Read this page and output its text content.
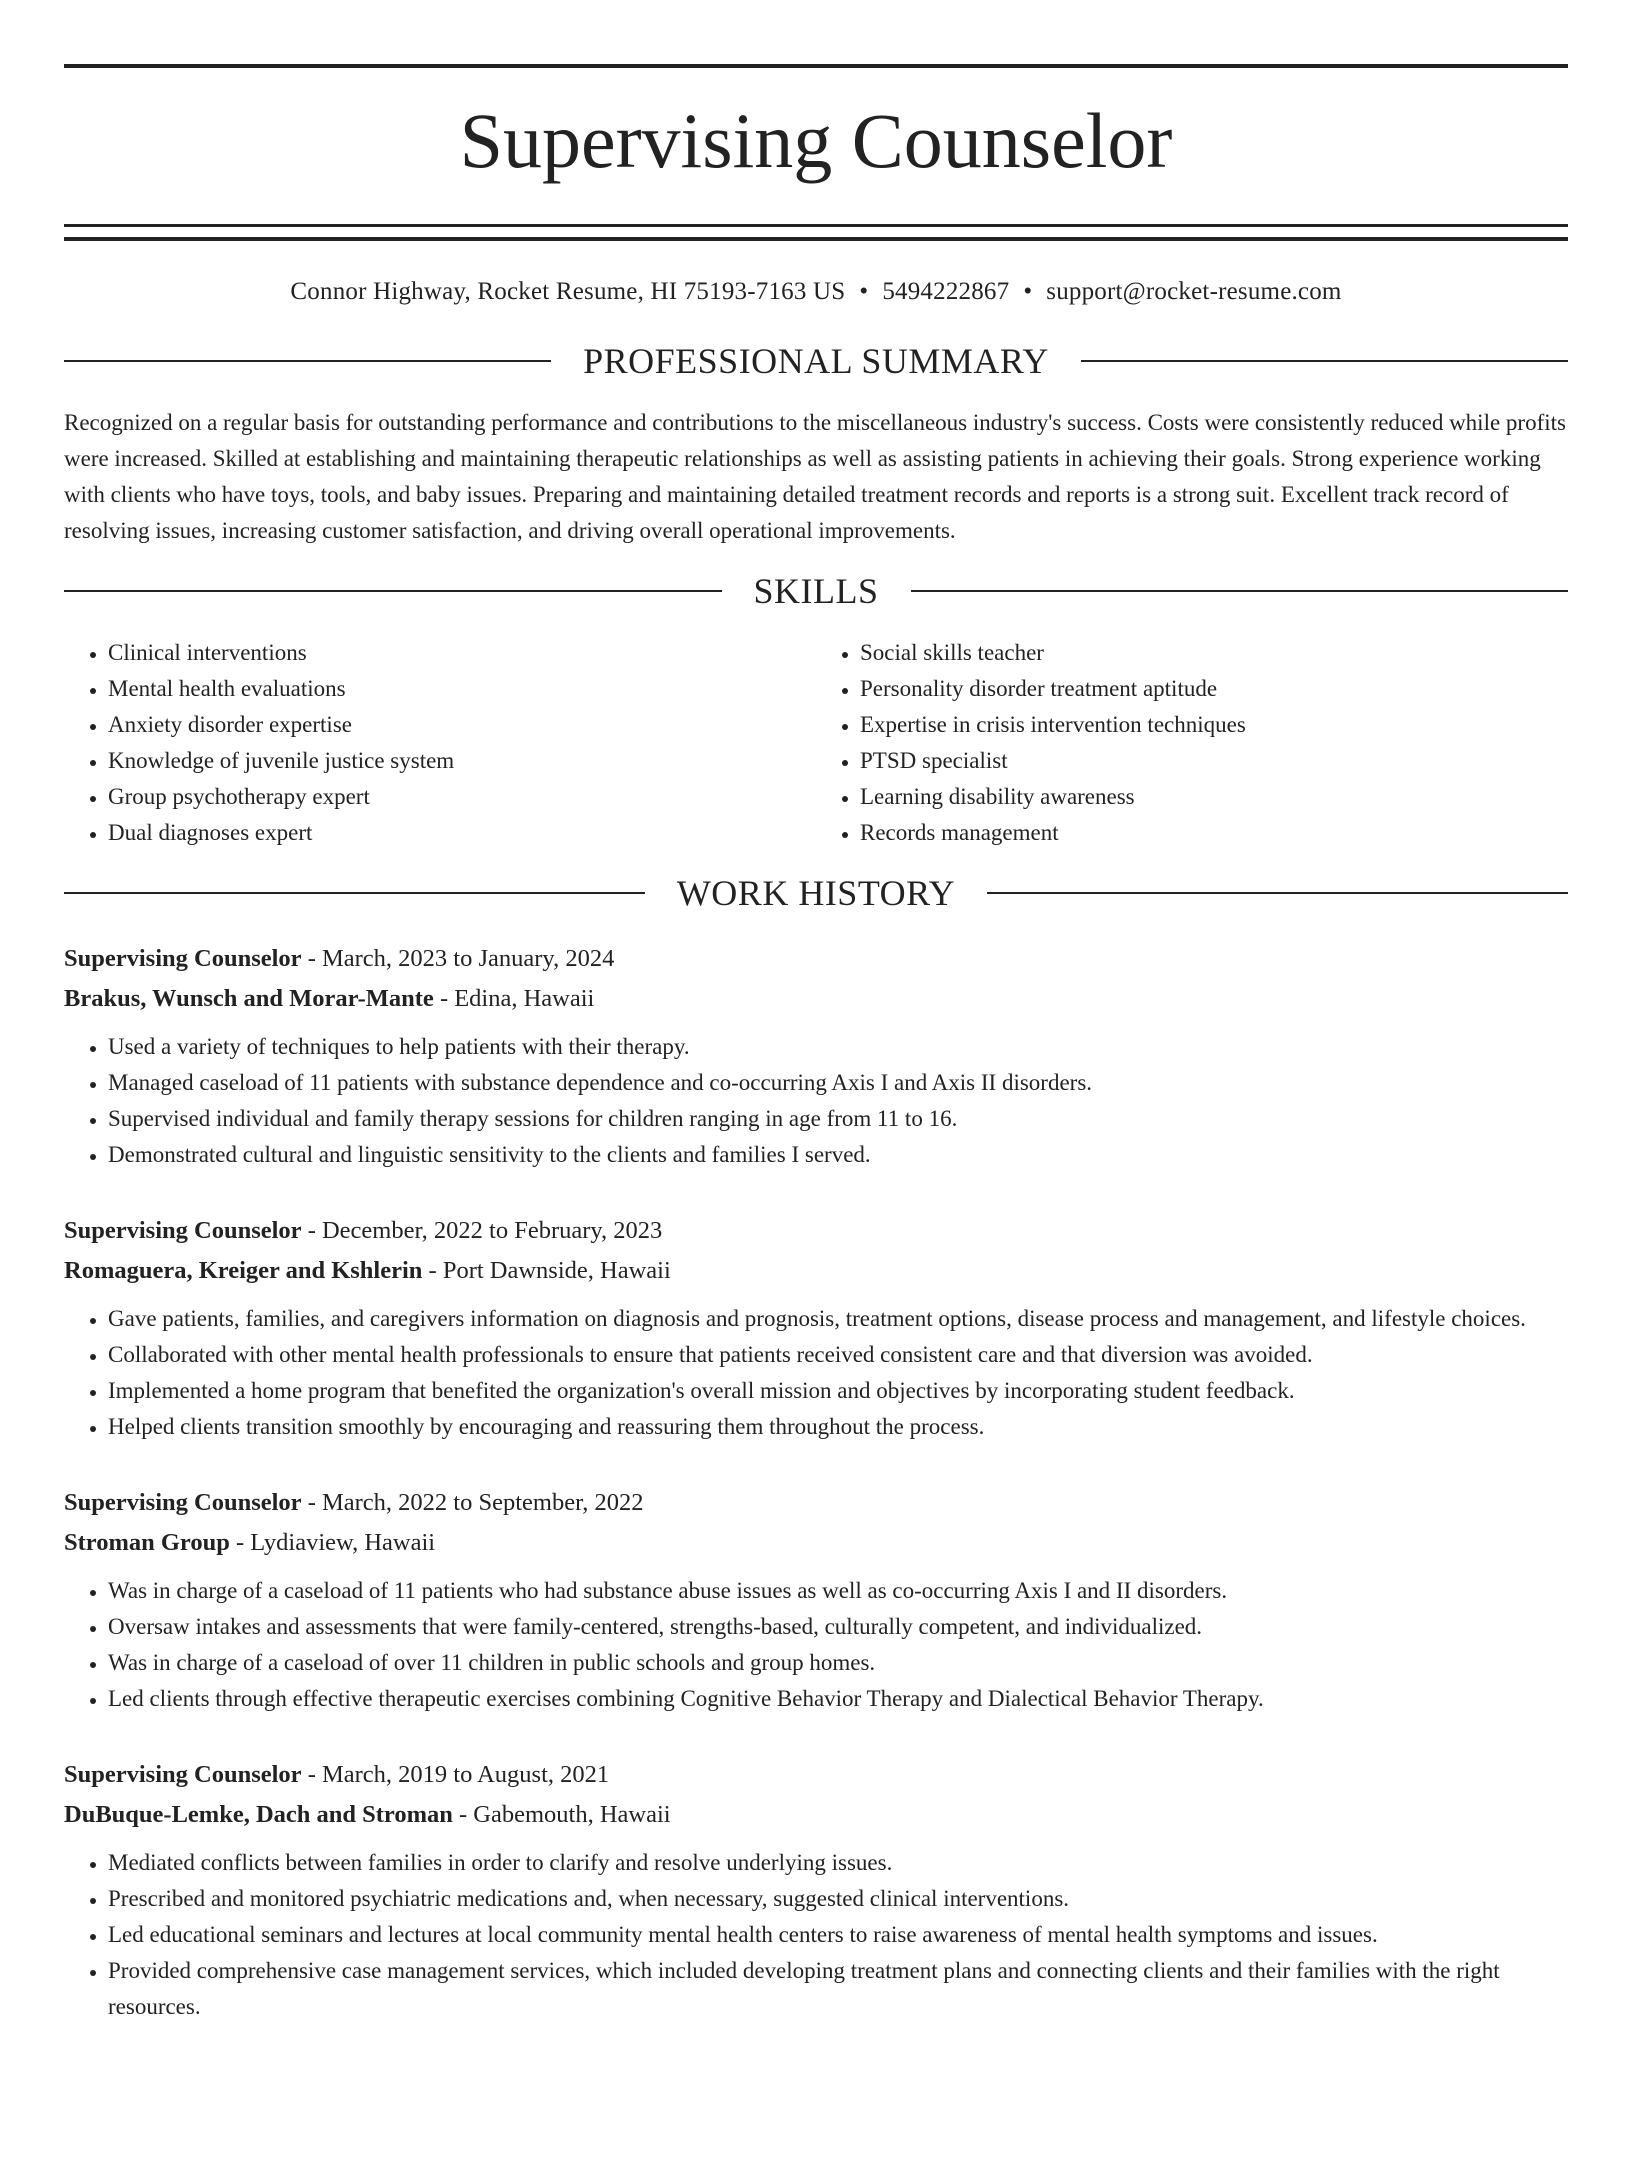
Supervising Counselor
Connor Highway, Rocket Resume, HI 75193-7163 US • 5494222867 • support@rocket-resume.com
PROFESSIONAL SUMMARY

Recognized on a regular basis for outstanding performance and contributions to the miscellaneous industry's success. Costs were consistently reduced while profits were increased. Skilled at establishing and maintaining therapeutic relationships as well as assisting patients in achieving their goals. Strong experience working with clients who have toys, tools, and baby issues. Preparing and maintaining detailed treatment records and reports is a strong suit. Excellent track record of resolving issues, increasing customer satisfaction, and driving overall operational improvements.

SKILLS
• Clinical interventions
• Mental health evaluations
• Anxiety disorder expertise
• Knowledge of juvenile justice system
• Group psychotherapy expert
• Dual diagnoses expert
• Social skills teacher
• Personality disorder treatment aptitude
• Expertise in crisis intervention techniques
• PTSD specialist
• Learning disability awareness
• Records management
WORK HISTORY
Supervising Counselor - March, 2023 to January, 2024
Brakus, Wunsch and Morar-Mante - Edina, Hawaii
• Used a variety of techniques to help patients with their therapy.
• Managed caseload of 11 patients with substance dependence and co-occurring Axis I and Axis II disorders.
• Supervised individual and family therapy sessions for children ranging in age from 11 to 16.
• Demonstrated cultural and linguistic sensitivity to the clients and families I served.
Supervising Counselor - December, 2022 to February, 2023
Romaguera, Kreiger and Kshlerin - Port Dawnside, Hawaii
• Gave patients, families, and caregivers information on diagnosis and prognosis, treatment options, disease process and management, and lifestyle choices.
• Collaborated with other mental health professionals to ensure that patients received consistent care and that diversion was avoided.
• Implemented a home program that benefited the organization's overall mission and objectives by incorporating student feedback.
• Helped clients transition smoothly by encouraging and reassuring them throughout the process.
Supervising Counselor - March, 2022 to September, 2022
Stroman Group - Lydiaview, Hawaii
• Was in charge of a caseload of 11 patients who had substance abuse issues as well as co-occurring Axis I and II disorders.
• Oversaw intakes and assessments that were family-centered, strengths-based, culturally competent, and individualized.
• Was in charge of a caseload of over 11 children in public schools and group homes.
• Led clients through effective therapeutic exercises combining Cognitive Behavior Therapy and Dialectical Behavior Therapy.
Supervising Counselor - March, 2019 to August, 2021
DuBuque-Lemke, Dach and Stroman - Gabemouth, Hawaii
• Mediated conflicts between families in order to clarify and resolve underlying issues.
• Prescribed and monitored psychiatric medications and, when necessary, suggested clinical interventions.
• Led educational seminars and lectures at local community mental health centers to raise awareness of mental health symptoms and issues.
• Provided comprehensive case management services, which included developing treatment plans and connecting clients and their families with the right resources.
